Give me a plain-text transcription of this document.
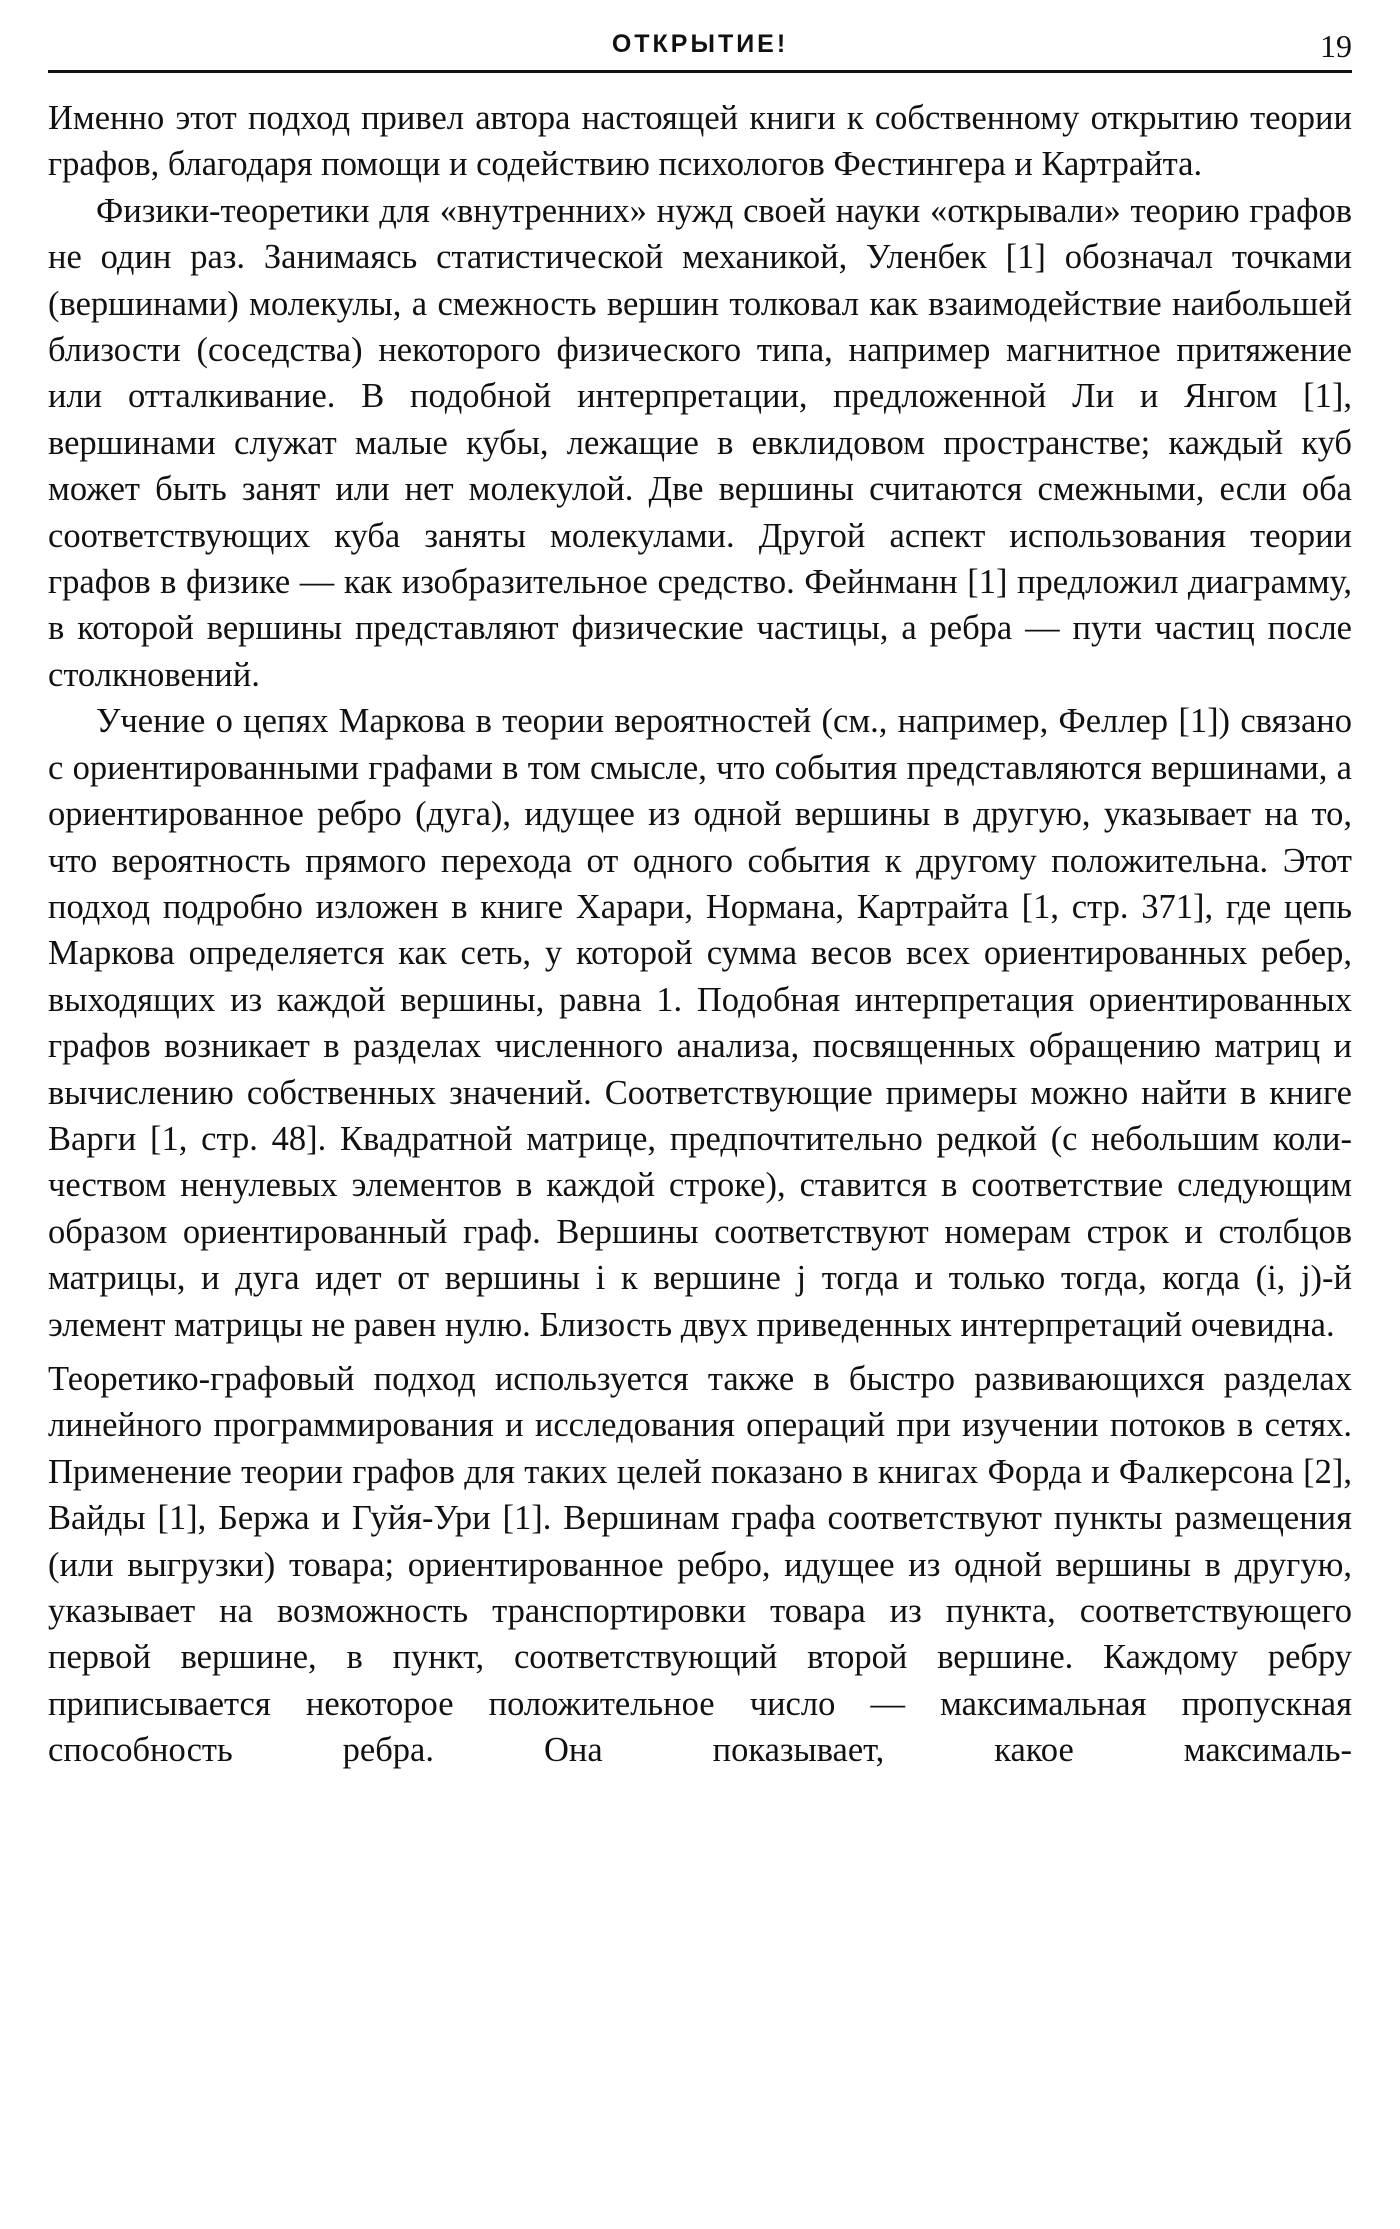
ОТКРЫТИЕ!	19

Именно этот подход привел автора настоящей книги к собственному открытию теории графов, благодаря помощи и содействию психологов Фестингера и Картрайта.

Физики-теоретики для «внутренних» нужд своей науки «открывали» теорию графов не один раз. Занимаясь статистической механикой, Уленбек [1] обозначал точками (вершинами) молекулы, а смежность вершин толковал как взаимодействие наибольшей близости (соседства) некоторого физического типа, например магнитное притяжение или отталкивание. В подобной интерпретации, предложенной Ли и Янгом [1], вершинами служат малые кубы, лежащие в евклидовом пространстве; каждый куб может быть занят или нет молекулой. Две вершины считаются смежными, если оба соответствующих куба заняты молекулами. Другой аспект использования теории графов в физике — как изобразительное средство. Фейнманн [1] предложил диаграмму, в которой вершины представляют физические частицы, а ребра — пути частиц после столкновений.

Учение о цепях Маркова в теории вероятностей (см., например, Феллер [1]) связано с ориентированными графами в том смысле, что события представляются вершинами, а ориентированное ребро (дуга), идущее из одной вершины в другую, указывает на то, что вероятность прямого перехода от одного события к другому положительна. Этот подход подробно изложен в книге Харари, Нормана, Картрайта [1, стр. 371], где цепь Маркова определяется как сеть, у которой сумма весов всех ориентированных ребер, выходящих из каждой вершины, равна 1. Подобная интерпретация ориентированных графов возникает в разделах численного анализа, посвященных обращению матриц и вычислению собственных значений. Соответствующие примеры можно найти в книге Варги [1, стр. 48]. Квадратной матрице, предпочтительно редкой (с небольшим количеством ненулевых элементов в каждой строке), ставится в соответствие следующим образом ориентированный граф. Вершины соответствуют номерам строк и столбцов матрицы, и дуга идет от вершины i к вершине j тогда и только тогда, когда (i, j)-й элемент матрицы не равен нулю. Близость двух приведенных интерпретаций очевидна.

Теоретико-графовый подход используется также в быстро развивающихся разделах линейного программирования и исследования операций при изучении потоков в сетях. Применение теории графов для таких целей показано в книгах Форда и Фалкерсона [2], Вайды [1], Бержа и Гуйя-Ури [1]. Вершинам графа соответствуют пункты размещения (или выгрузки) товара; ориентированное ребро, идущее из одной вершины в другую, указывает на возможность транспортировки товара из пункта, соответствующего первой вершине, в пункт, соответствующий второй вершине. Каждому ребру приписывается некоторое положительное число — максимальная пропускная способность ребра. Она показывает, какое максималь-
